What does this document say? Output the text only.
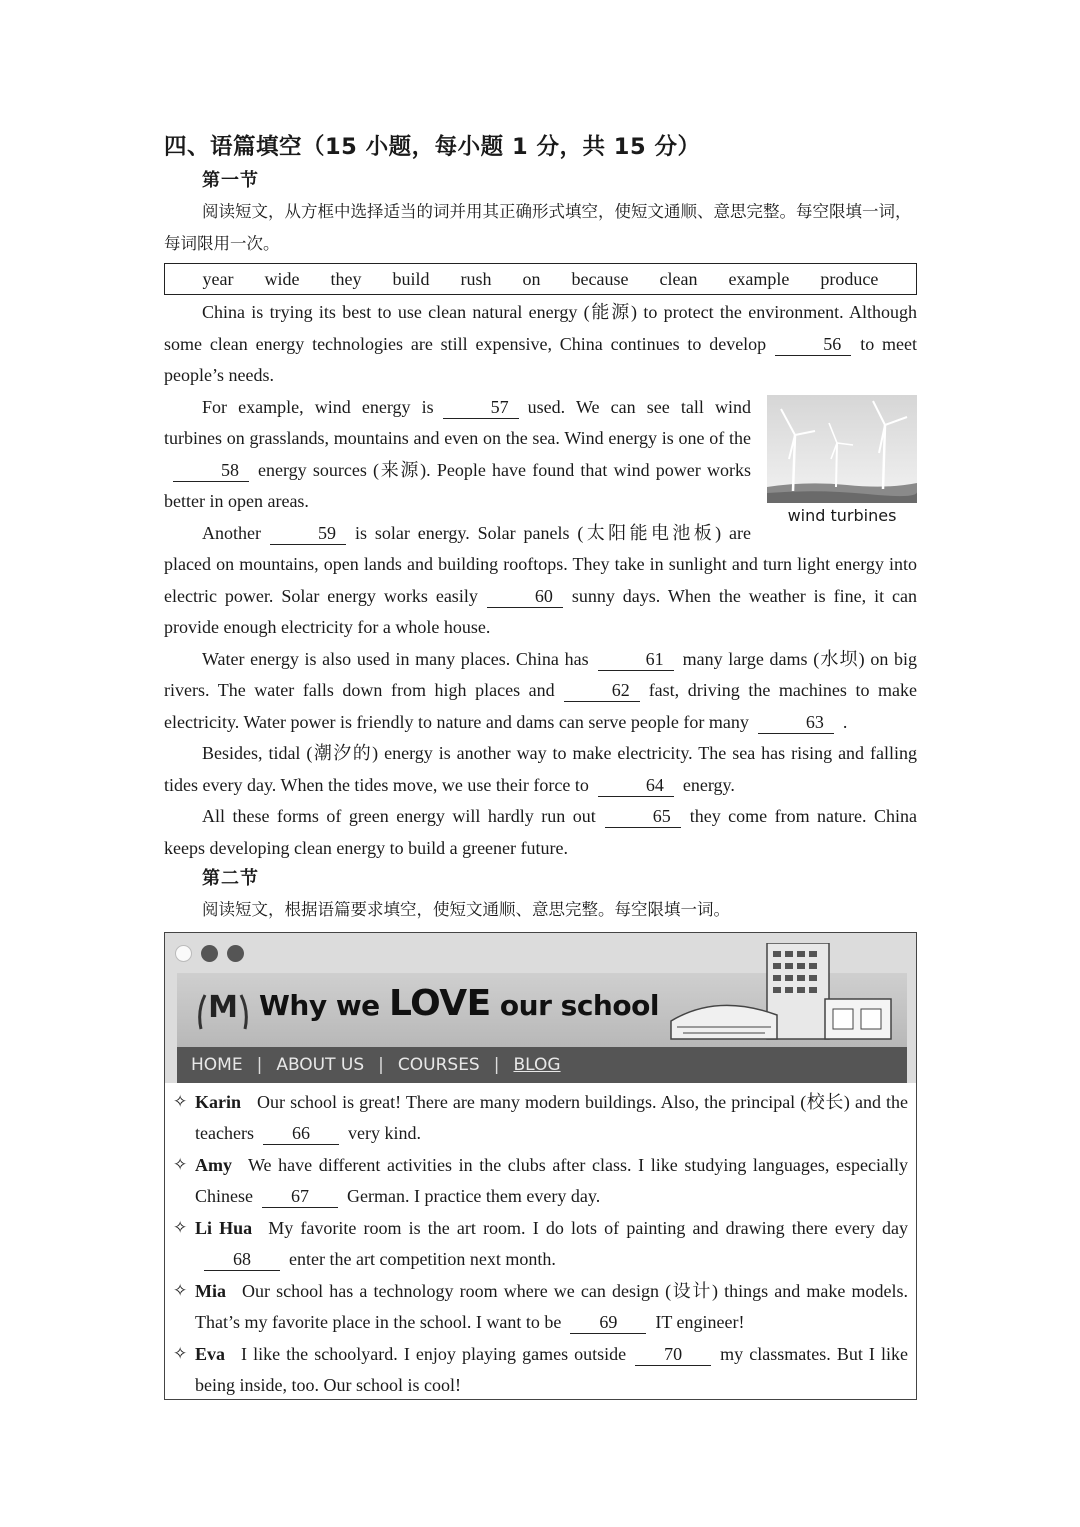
四、语篇填空（15 小题，每小题 1 分，共 15 分）
第一节
阅读短文，从方框中选择适当的词并用其正确形式填空，使短文通顺、意思完整。每空限填一词，每词限用一次。
year wide they build rush on because clean example produce
China is trying its best to use clean natural energy (能源) to protect the environment. Although some clean energy technologies are still expensive, China continues to develop	56 to meet people’s needs.
wind turbines
For example, wind energy is	57 used. We can see tall wind turbines on grasslands, mountains and even on the sea. Wind energy is one of the58 energy sources (来源). People have found that wind power works better in open areas.
Another	59 is solar energy. Solar panels (太阳能电池板) are placed on mountains, open lands and building rooftops. They take in sunlight and turn light energy into electric power. Solar energy works easily	60 sunny days. When the weather is fine, it can provide enough electricity for a whole house.
Water energy is also used in many places. China has	61 many large dams (水坝) on big rivers. The water falls down from high places and	62 fast, driving the machines to make electricity. Water power is friendly to nature and dams can serve people for many	63 .
Besides, tidal (潮汐的) energy is another way to make electricity. The sea has rising and falling tides every day. When the tides move, we use their force to	64 energy.
All these forms of green energy will hardly run out	65 they come from nature. China keeps developing clean energy to build a greener future.
第二节
阅读短文，根据语篇要求填空，使短文通顺、意思完整。每空限填一词。
M Why we LOVE our school
HOME | ABOUT US | COURSES | BLOG
✧ Karin Our school is great! There are many modern buildings. Also, the principal (校长) and the teachers 66 very kind.
✧ Amy We have different activities in the clubs after class. I like studying languages, especially Chinese 67 German. I practice them every day.
✧ Li Hua My favorite room is the art room. I do lots of painting and drawing there every day68 enter the art competition next month.
✧ Mia Our school has a technology room where we can design (设计) things and make models. That’s my favorite place in the school. I want to be 69 IT engineer!
✧ Eva I like the schoolyard. I enjoy playing games outside 70 my classmates. But I like being inside, too. Our school is cool!
